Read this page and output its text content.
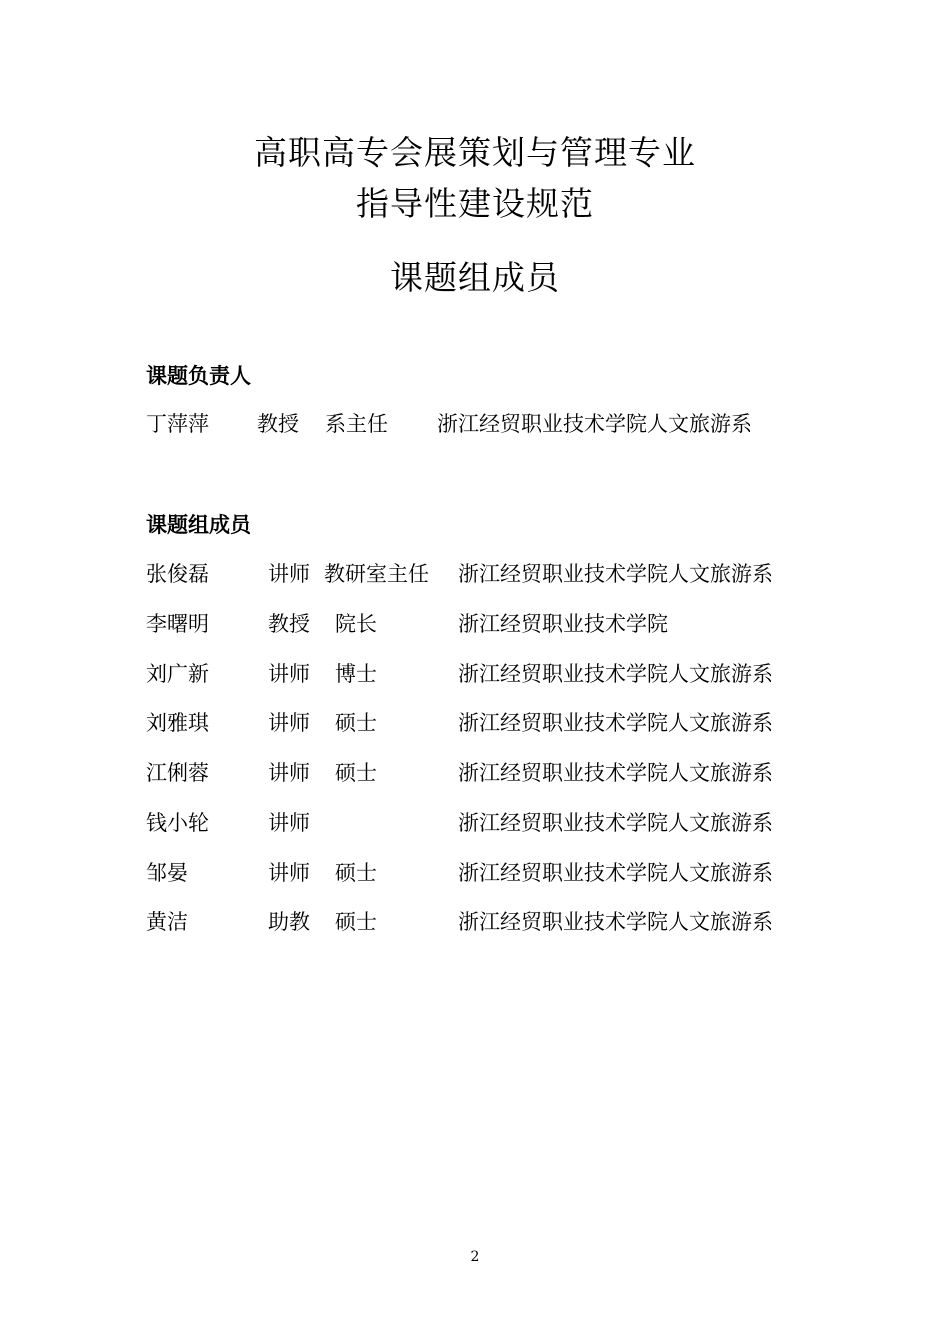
高职高专会展策划与管理专业
指导性建设规范
课题组成员
课题负责人
丁萍萍 教授 系主任 浙江经贸职业技术学院人文旅游系
课题组成员
张俊磊	讲师 教研室主任 浙江经贸职业技术学院人文旅游系
李曙明	教授 院长	浙江经贸职业技术学院
刘广新	讲师 博士	浙江经贸职业技术学院人文旅游系
刘雅琪	讲师 硕士	浙江经贸职业技术学院人文旅游系
江俐蓉	讲师 硕士	浙江经贸职业技术学院人文旅游系
钱小轮	讲师	浙江经贸职业技术学院人文旅游系
邹晏	讲师 硕士	浙江经贸职业技术学院人文旅游系
黄洁	助教 硕士	浙江经贸职业技术学院人文旅游系
2
